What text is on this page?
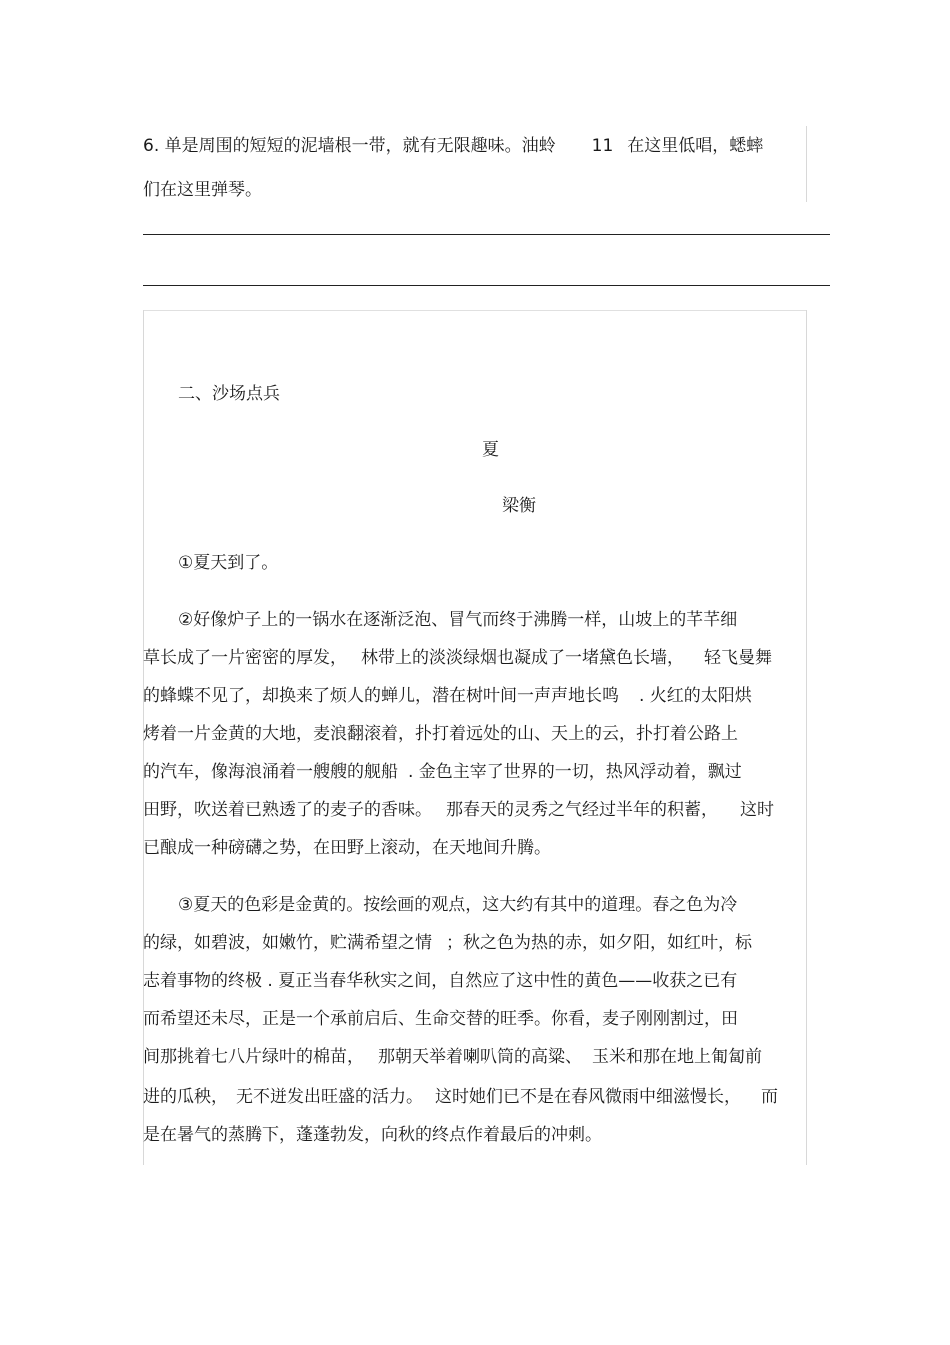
6. 单是周围的短短的泥墙根一带，就有无限趣味。油蛉 11 在这里低唱，蟋蟀
们在这里弹琴。
二、沙场点兵
夏
梁衡
①夏天到了。
②好像炉子上的一锅水在逐渐泛泡、冒气而终于沸腾一样，山坡上的芊芊细
草长成了一片密密的厚发， 林带上的淡淡绿烟也凝成了一堵黛色长墙， 轻飞曼舞
的蜂蝶不见了，却换来了烦人的蝉儿，潜在树叶间一声声地长鸣 . 火红的太阳烘
烤着一片金黄的大地，麦浪翻滚着，扑打着远处的山、天上的云，扑打着公路上
的汽车，像海浪涌着一艘艘的舰船 . 金色主宰了世界的一切，热风浮动着，飘过
田野，吹送着已熟透了的麦子的香味。 那春天的灵秀之气经过半年的积蓄， 这时
已酿成一种磅礴之势，在田野上滚动，在天地间升腾。
③夏天的色彩是金黄的。按绘画的观点，这大约有其中的道理。春之色为冷
的绿，如碧波，如嫩竹，贮满希望之情 ；秋之色为热的赤，如夕阳，如红叶，标
志着事物的终极 . 夏正当春华秋实之间，自然应了这中性的黄色——收获之已有
而希望还未尽，正是一个承前启后、生命交替的旺季。你看，麦子刚刚割过，田
间那挑着七八片绿叶的棉苗， 那朝天举着喇叭筒的高粱、 玉米和那在地上匍匐前
进的瓜秧， 无不迸发出旺盛的活力。 这时她们已不是在春风微雨中细滋慢长， 而
是在暑气的蒸腾下，蓬蓬勃发，向秋的终点作着最后的冲刺。
